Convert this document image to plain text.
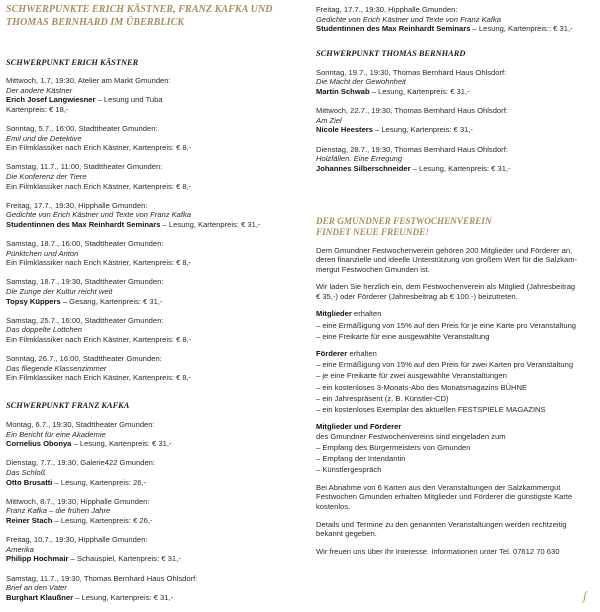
SCHWERPUNKTE ERICH KÄSTNER, FRANZ KAFKA UND
THOMAS BERNHARD IM ÜBERBLICK
SCHWERPUNKT ERICH KÄSTNER
Mittwoch, 1.7, 19:30, Atelier am Markt Gmunden:
Der andere Kästner
Erich Josef Langwiesner – Lesung und Tuba
Kartenpreis: € 18,-
Sonntag, 5.7., 16:00, Stadttheater Gmunden:
Emil und die Detektive
Ein Filmklassiker nach Erich Kästner, Kartenpreis: € 8,-
Samstag, 11.7., 11:00, Stadttheater Gmunden:
Die Konferenz der Tiere
Ein Filmklassiker nach Erich Kästner, Kartenpreis: € 8,-
Freitag, 17.7., 19:30, Hipphalle Gmunden:
Gedichte von Erich Kästner und Texte von Franz Kafka
Studentinnen des Max Reinhardt Seminars – Lesung, Kartenpreis: € 31,-
Samstag, 18.7., 16:00, Stadttheater Gmunden:
Pünktchen und Anton
Ein Filmklassiker nach Erich Kästner, Kartenpreis: € 8,-
Samstag, 18.7., 19:30, Stadttheater Gmunden:
Die Zunge der Kultur reicht weit
Topsy Küppers – Gesang, Kartenpreis: € 31,-
Samstag, 25.7., 16:00, Stadttheater Gmunden:
Das doppelte Lottchen
Ein Filmklassiker nach Erich Kästner, Kartenpreis: € 8,-
Sonntag, 26.7., 16:00, Stadttheater Gmunden:
Das fliegende Klassenzimmer
Ein Filmklassiker nach Erich Kästner, Kartenpreis: € 8,-
SCHWERPUNKT FRANZ KAFKA
Montag, 6.7., 19:30, Stadttheater Gmunden:
Ein Bericht für eine Akademie
Cornelius Obonya – Lesung, Kartenpreis: € 31,-
Dienstag, 7.7., 19:30, Galerie422 Gmunden:
Das Schloß
Otto Brusatti – Lesung, Kartenpreis: 26,-
Mittwoch, 8.7., 19:30, Hipphalle Gmunden:
Franz Kafka – die frühen Jahre
Reiner Stach – Lesung, Kartenpreis: € 26,-
Freitag, 10.7., 19:30, Hipphalle Gmunden:
Amerika
Philipp Hochmair – Schauspiel, Kartenpreis: € 31,-
Samstag, 11.7., 19:30, Thomas Bernhard Haus Ohlsdorf:
Brief an den Vater
Burghart Klaußner – Lesung, Kartenpreis: € 31,-
Freitag, 17.7., 19:30, Hipphalle Gmunden:
Gedichte von Erich Kästner und Texte von Franz Kafka
Studentinnen des Max Reinhardt Seminars – Lesung, Kartenpreis:: € 31,-
SCHWERPUNKT THOMAS BERNHARD
Sonntag, 19.7., 19:30, Thomas Bernhard Haus Ohlsdorf:
Die Macht der Gewohnheit
Martin Schwab – Lesung, Kartenpreis: € 31,-
Mittwoch, 22.7., 19:30, Thomas Bernhard Haus Ohlsdorf:
Am Ziel
Nicole Heesters – Lesung, Kartenpreis: € 31,-
Dienstag, 28.7., 19:30, Thomas Bernhard Haus Ohlsdorf:
Holzfällen. Eine Erregung
Johannes Silberschneider – Lesung, Kartenpreis: € 31,-
DER GMUNDNER FESTWOCHENVEREIN
FINDET NEUE FREUNDE!

Dem Gmundner Festwochenverein gehören 200 Mitglieder und Förderer an,
deren finanzielle und ideelle Unterstützung von großem Wert für die Salzkam-
mergut Festwochen Gmunden ist.

Wir laden Sie herzlich ein, dem Festwochenverein als Mitglied (Jahresbeitrag
€ 35,-) oder Förderer (Jahresbeitrag ab € 100.-) beizutreten.

Mitglieder erhalten
– eine Ermäßigung von 15% auf den Preis für je eine Karte pro Veranstaltung
– eine Freikarte für eine ausgewählte Veranstaltung
Förderer erhalten
– eine Ermäßigung von 15% auf den Preis für zwei Karten pro Veranstaltung
– je eine Freikarte für zwei ausgewählte Veranstaltungen
– ein kostenloses 3-Monats-Abo des Monatsmagazins BÜHNE
– ein Jahrespräsent (z. B. Künstler-CD)
– ein kostenloses Exemplar des aktuellen FESTSPIELE MAGAZINS
Mitglieder und Förderer
des Gmundner Festwochenvereins sind eingeladen zum
– Empfang des Bürgermeisters von Gmunden
– Empfang der Intendantin
– Künstlergespräch

Bei Abnahme von 6 Karten aus den Veranstaltungen der Salzkammergut
Festwochen Gmunden erhalten Mitglieder und Förderer die günstigste Karte
kostenlos.

Details und Termine zu den genannten Veranstaltungen werden rechtzeitig
bekannt gegeben.

Wir freuen uns über Ihr Interesse. Informationen unter Tel. 07612 70 630

ʃ
